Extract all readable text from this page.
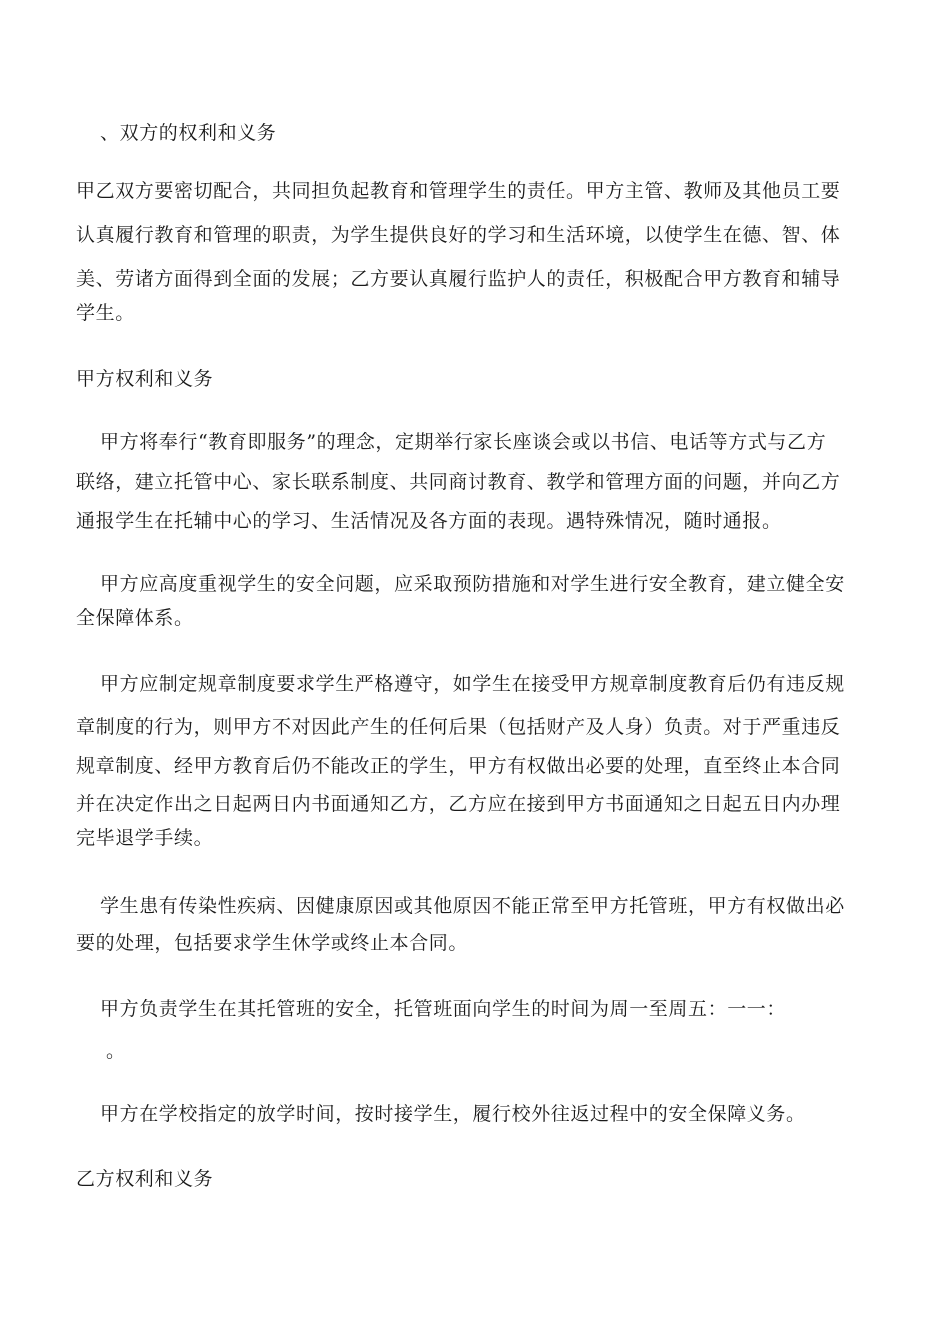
、双方的权利和义务
甲乙双方要密切配合，共同担负起教育和管理学生的责任。甲方主管、教师及其他员工要
认真履行教育和管理的职责，为学生提供良好的学习和生活环境，以使学生在德、智、体
美、劳诸方面得到全面的发展；乙方要认真履行监护人的责任，积极配合甲方教育和辅导
学生。
甲方权利和义务
甲方将奉行“教育即服务”的理念，定期举行家长座谈会或以书信、电话等方式与乙方
联络，建立托管中心、家长联系制度、共同商讨教育、教学和管理方面的问题，并向乙方
通报学生在托辅中心的学习、生活情况及各方面的表现。遇特殊情况，随时通报。
甲方应高度重视学生的安全问题，应采取预防措施和对学生进行安全教育，建立健全安
全保障体系。
甲方应制定规章制度要求学生严格遵守，如学生在接受甲方规章制度教育后仍有违反规
章制度的行为，则甲方不对因此产生的任何后果（包括财产及人身）负责。对于严重违反
规章制度、经甲方教育后仍不能改正的学生，甲方有权做出必要的处理，直至终止本合同
并在决定作出之日起两日内书面通知乙方，乙方应在接到甲方书面通知之日起五日内办理
完毕退学手续。
学生患有传染性疾病、因健康原因或其他原因不能正常至甲方托管班，甲方有权做出必
要的处理，包括要求学生休学或终止本合同。
甲方负责学生在其托管班的安全，托管班面向学生的时间为周一至周五：一一：
。
甲方在学校指定的放学时间，按时接学生，履行校外往返过程中的安全保障义务。
乙方权利和义务
